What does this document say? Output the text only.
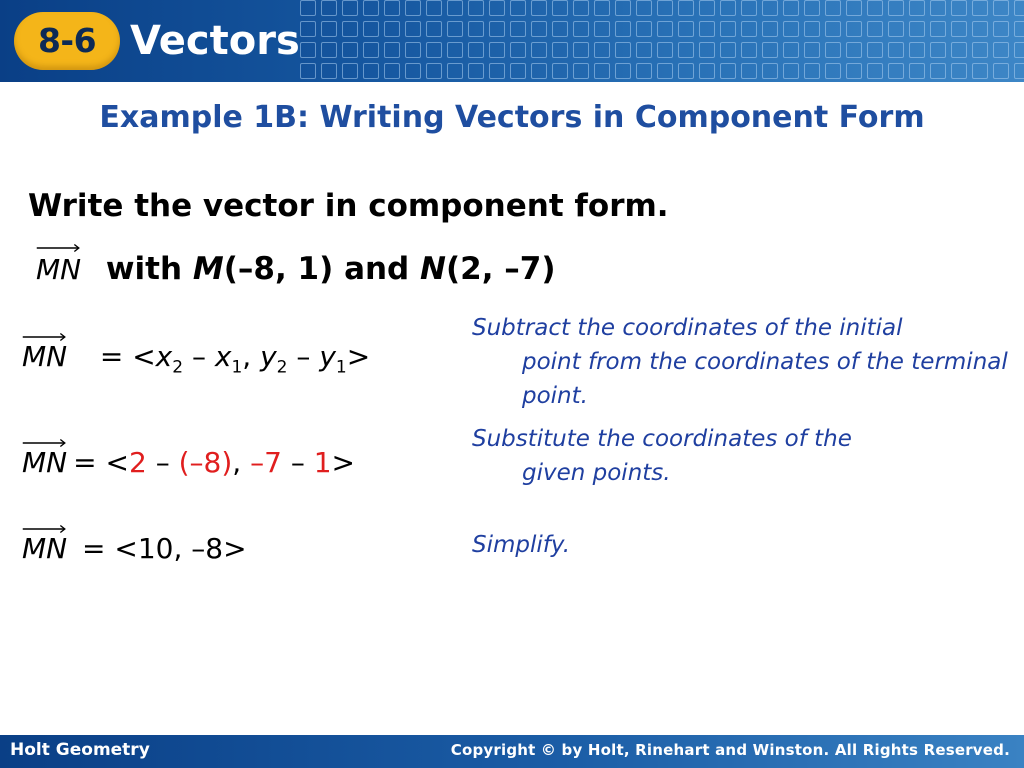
8-6 Vectors
Example 1B: Writing Vectors in Component Form
Write the vector in component form.
MN with M(–8, 1) and N(2, –7)
MN = $<x_2 - x_1$, $y_2 - y_1>$
Subtract the coordinates of the initial
point from the coordinates of the terminal point.
MN = <2 – (–8), –7 – 1>
Substitute the coordinates of the
given points.
MN = <10, –8>	Simplify.
Holt Geometry	Copyright © by Holt, Rinehart and Winston. All Rights Reserved.
